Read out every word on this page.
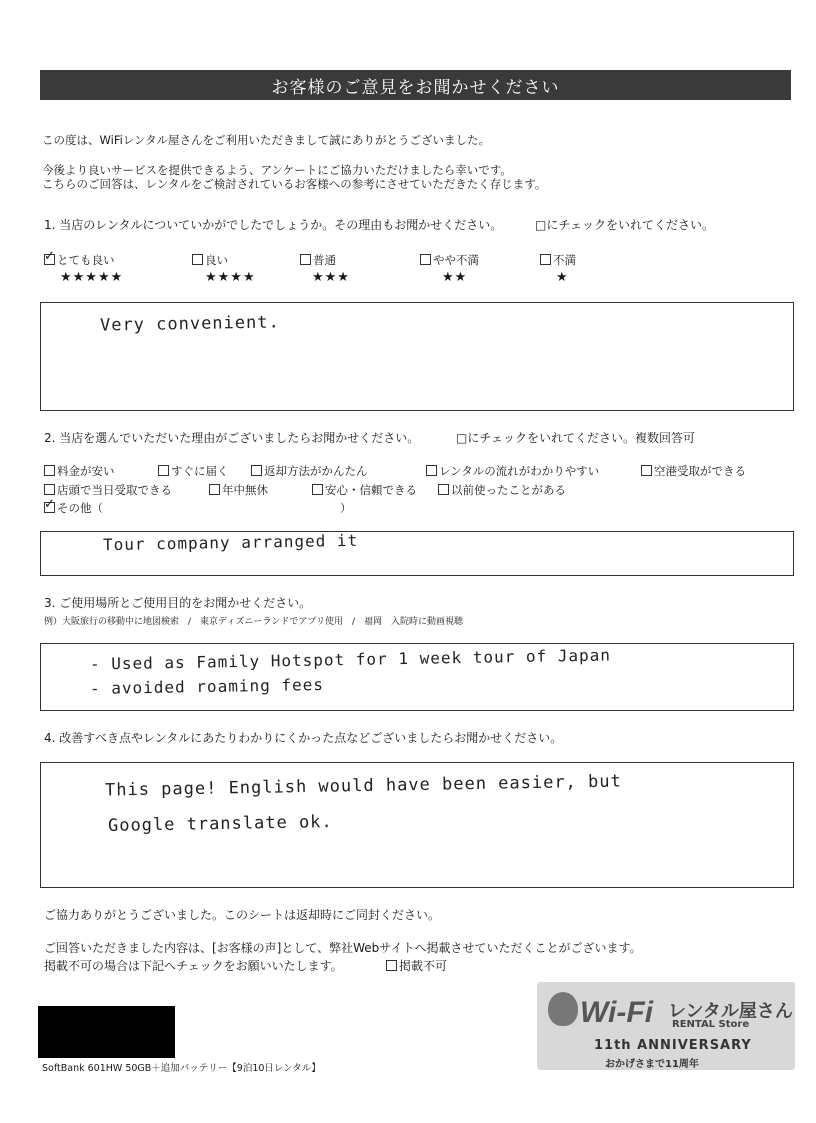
お客様のご意見をお聞かせください
この度は、WiFiレンタル屋さんをご利用いただきまして誠にありがとうございました。
今後より良いサービスを提供できるよう、アンケートにご協力いただけましたら幸いです。
こちらのご回答は、レンタルをご検討されているお客様への参考にさせていただきたく存じます。
1. 当店のレンタルについていかがでしたでしょうか。その理由もお聞かせください。	□にチェックをいれてください。
✓ とても良い
★★★★★
良い
★★★★
普通
★★★
やや不満
★★
不満
★
Very convenient.
2. 当店を選んでいただいた理由がございましたらお聞かせください。	□にチェックをいれてください。複数回答可
料金が安い	すぐに届く	返却方法がかんたん	レンタルの流れがわかりやすい	空港受取ができる
店頭で当日受取できる	年中無休	安心・信頼できる	以前使ったことがある
✓ その他（	）
Tour company arranged it
3. ご使用場所とご使用目的をお聞かせください。
例）大阪旅行の移動中に地図検索　/　東京ディズニーランドでアプリ使用　/　福岡　入院時に動画視聴
- Used as Family Hotspot for 1 week tour of Japan
- avoided roaming fees
4. 改善すべき点やレンタルにあたりわかりにくかった点などございましたらお聞かせください。
This page! English would have been easier, but
Google translate ok.
ご協力ありがとうございました。このシートは返却時にご同封ください。
ご回答いただきました内容は、[お客様の声]として、弊社Webサイトへ掲載させていただくことがございます。
掲載不可の場合は下記へチェックをお願いいたします。	掲載不可
SoftBank 601HW 50GB＋追加バッテリー【9泊10日レンタル】
Wi-Fi レンタル屋さん
RENTAL Store
11th ANNIVERSARY
おかげさまで11周年
